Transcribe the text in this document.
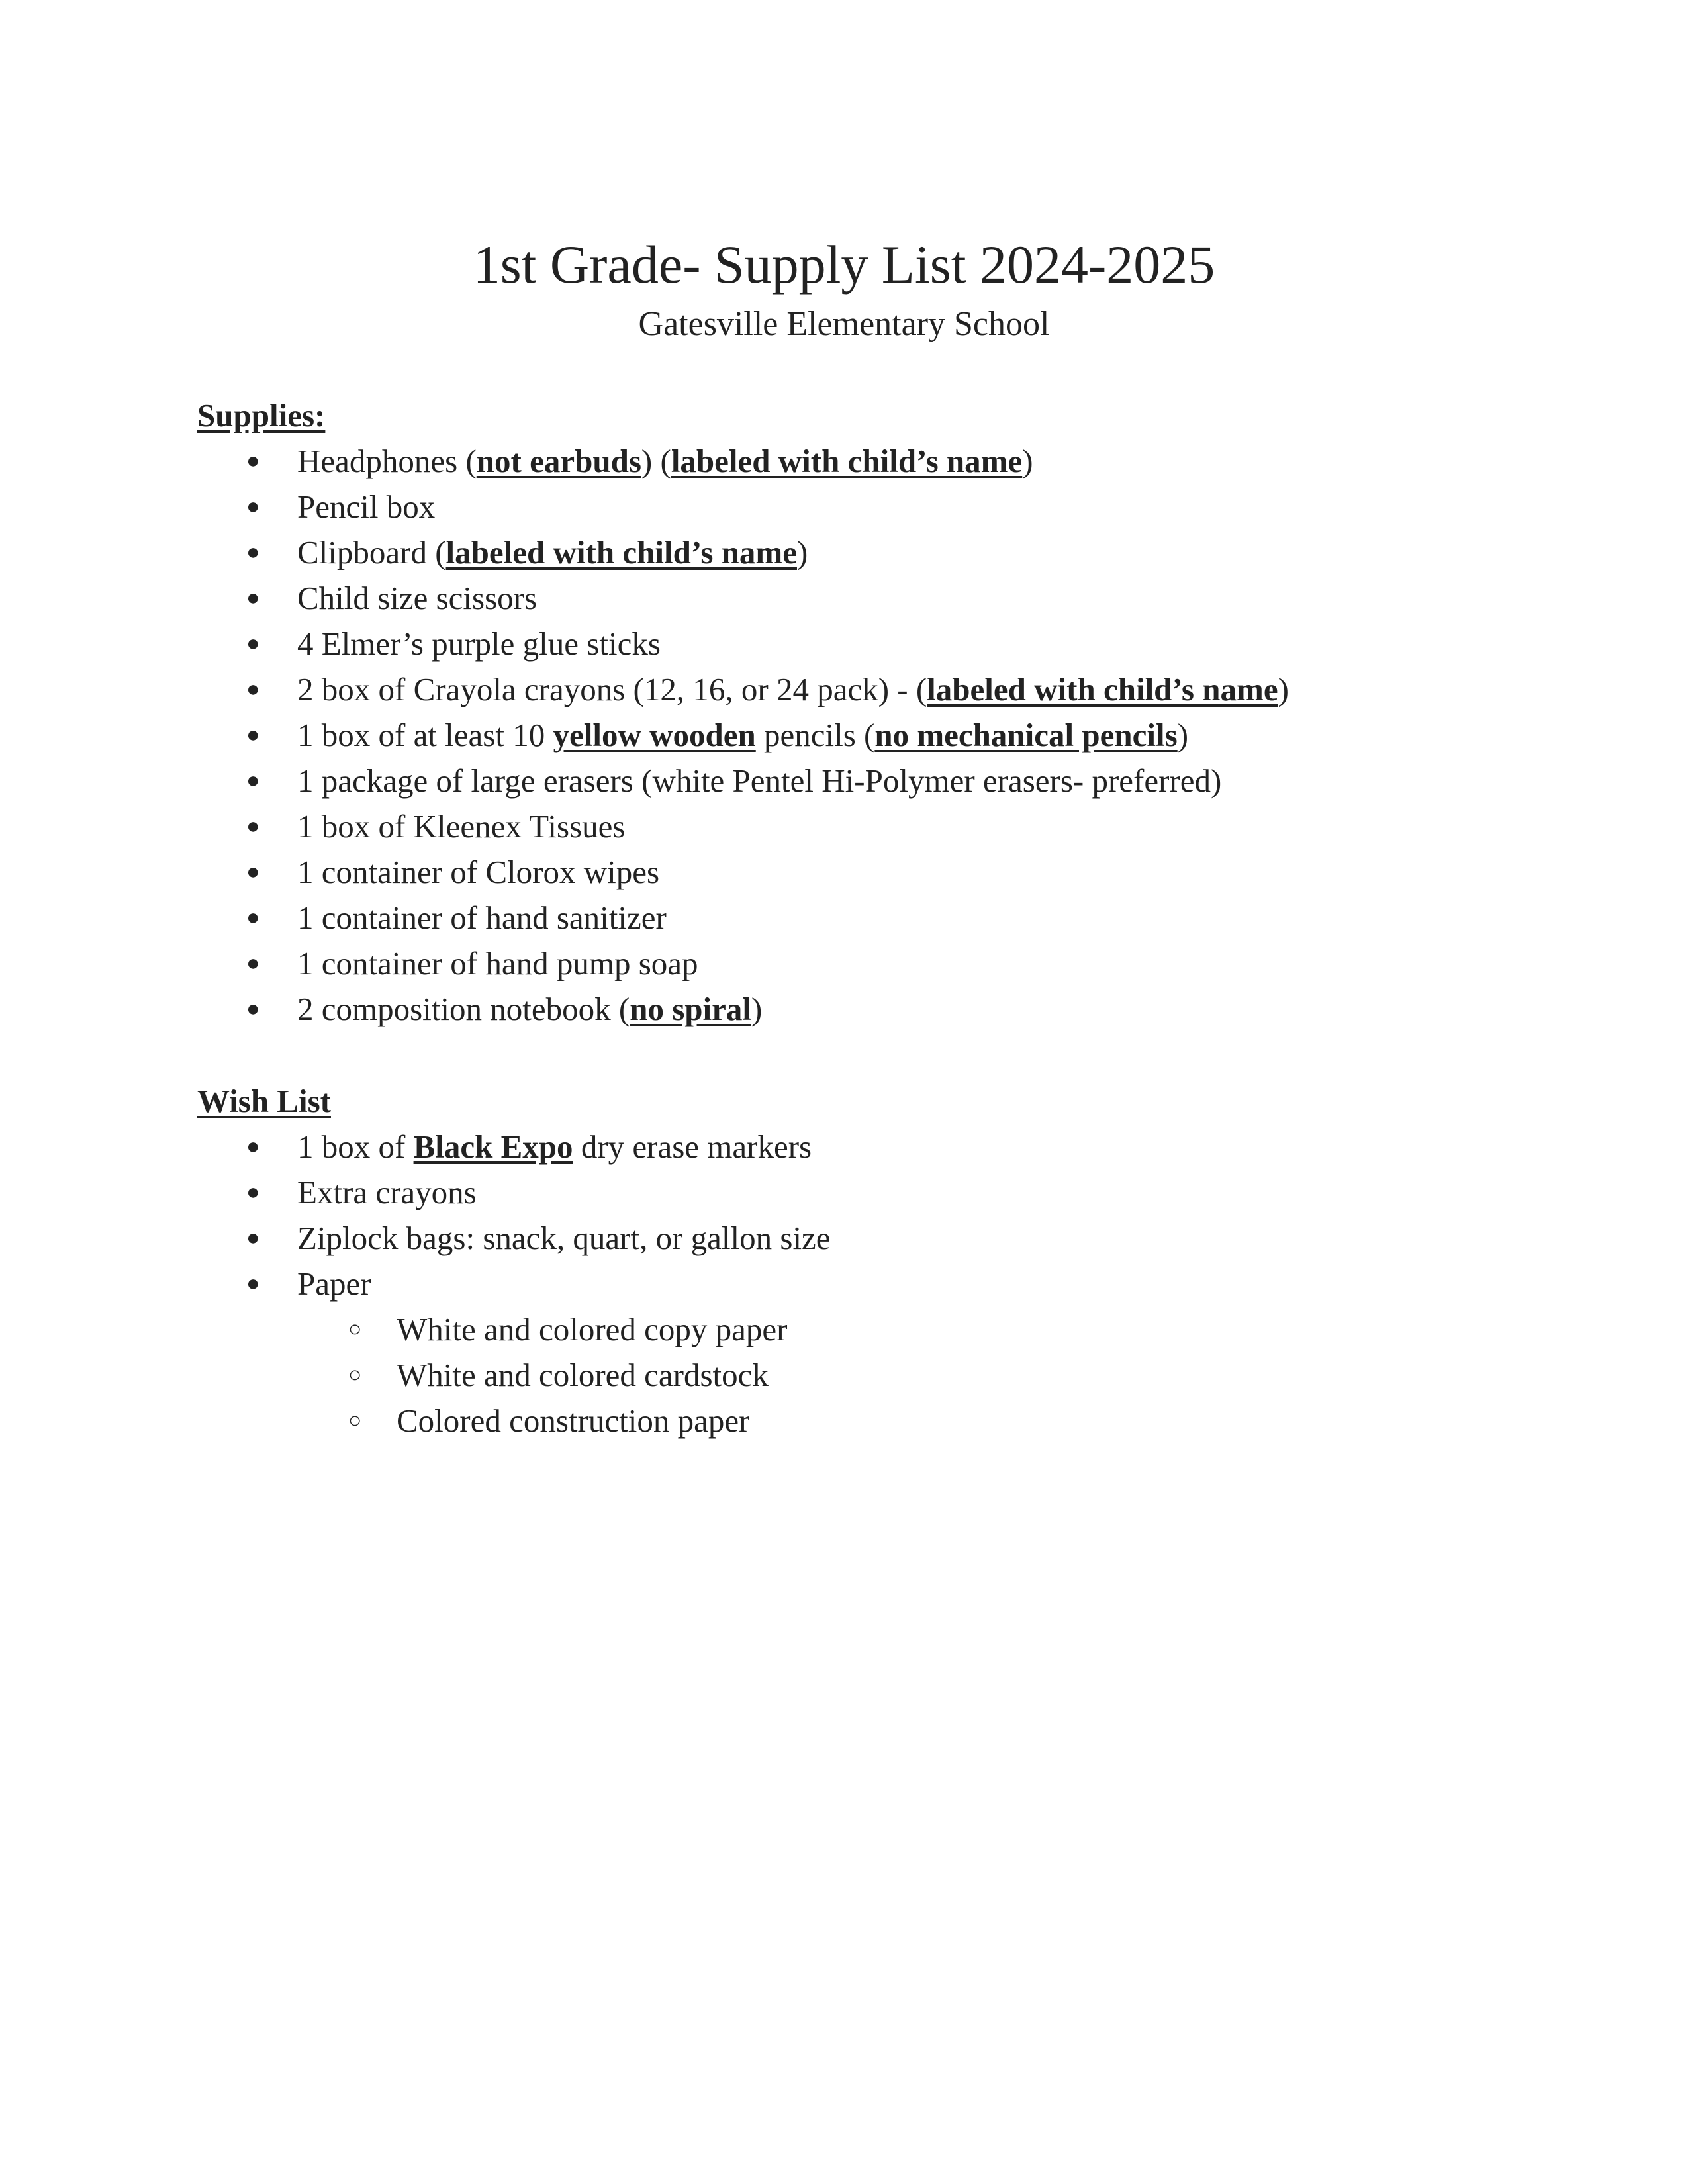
1st Grade- Supply List 2024-2025
Gatesville Elementary School
Supplies:
● Headphones (not earbuds) (labeled with child’s name)
● Pencil box
● Clipboard (labeled with child’s name)
● Child size scissors
● 4 Elmer’s purple glue sticks
● 2 box of Crayola crayons (12, 16, or 24 pack) - (labeled with child’s name)
● 1 box of at least 10 yellow wooden pencils (no mechanical pencils)
● 1 package of large erasers (white Pentel Hi-Polymer erasers- preferred)
● 1 box of Kleenex Tissues
● 1 container of Clorox wipes
● 1 container of hand sanitizer
● 1 container of hand pump soap
● 2 composition notebook (no spiral)
Wish List
● 1 box of Black Expo dry erase markers
● Extra crayons
● Ziplock bags: snack, quart, or gallon size
● Paper
○ White and colored copy paper
○ White and colored cardstock
○ Colored construction paper
